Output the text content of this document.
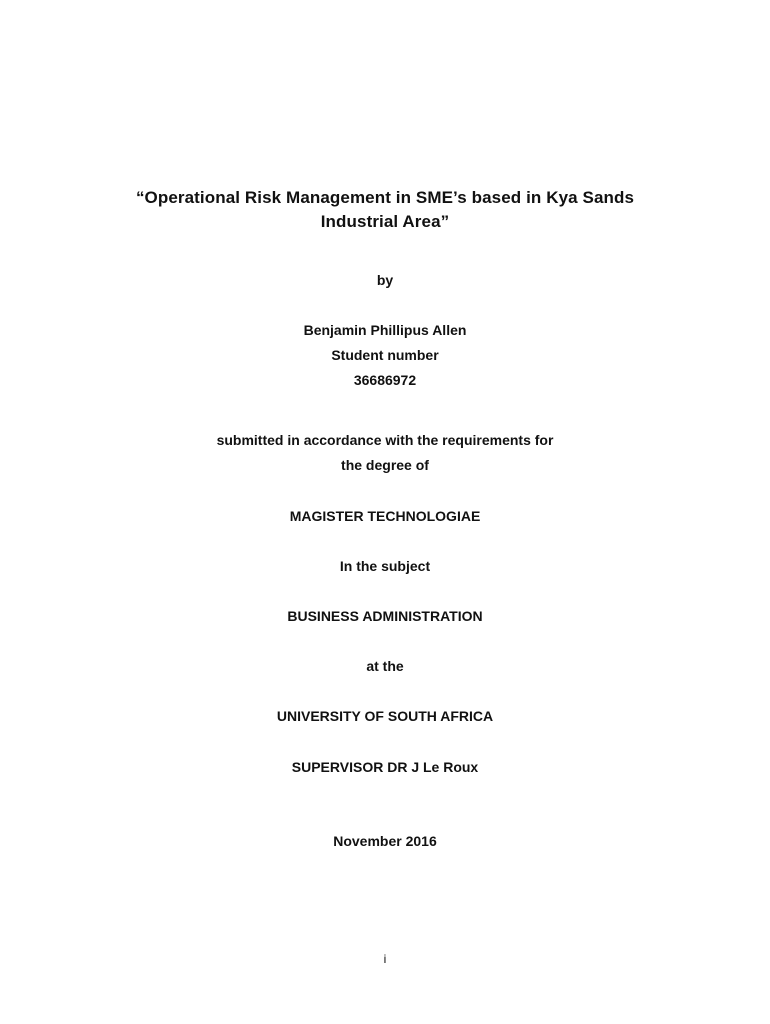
“Operational Risk Management in SME’s based in Kya Sands
Industrial Area”
by
Benjamin Phillipus Allen
Student number
36686972
submitted in accordance with the requirements for
the degree of
MAGISTER TECHNOLOGIAE
In the subject
BUSINESS ADMINISTRATION
at the
UNIVERSITY OF SOUTH AFRICA
SUPERVISOR DR J Le Roux
November 2016
i
